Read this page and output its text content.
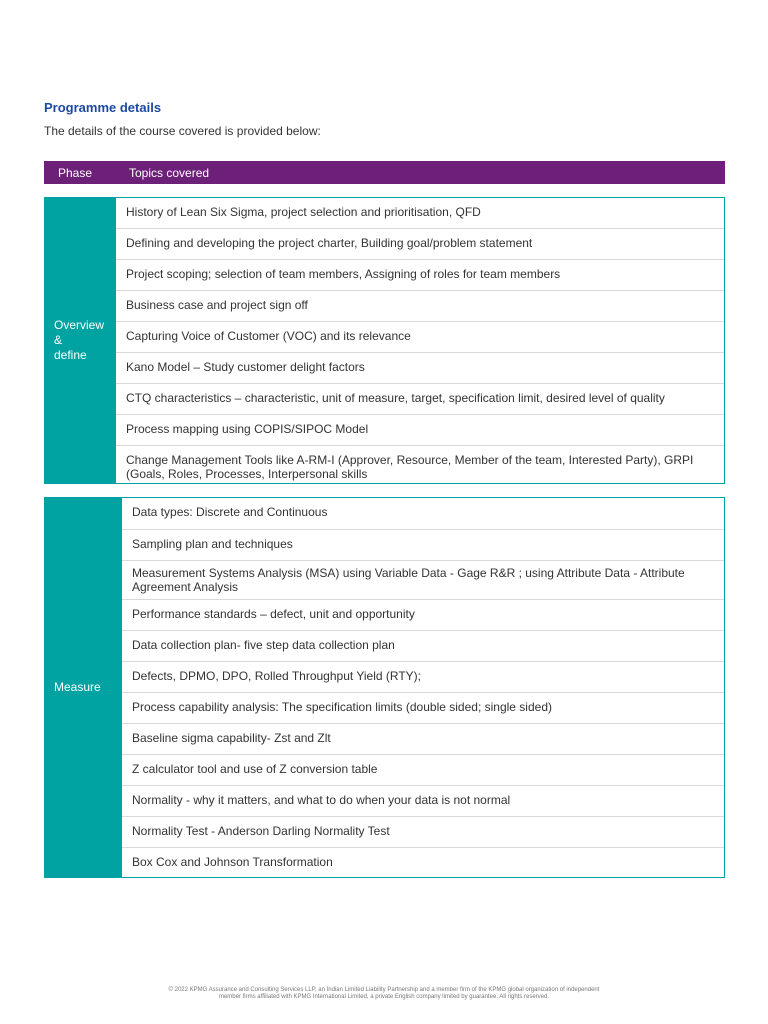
Programme details

The details of the course covered is provided below:

Phase	Topics covered
Overview
&
define
History of Lean Six Sigma, project selection and prioritisation, QFD
Defining and developing the project charter, Building goal/problem statement
Project scoping; selection of team members, Assigning of roles for team members
Business case and project sign off
Capturing Voice of Customer (VOC) and its relevance
Kano Model – Study customer delight factors
CTQ characteristics – characteristic, unit of measure, target, specification limit, desired level of quality
Process mapping using COPIS/SIPOC Model
Change Management Tools like A-RM-I (Approver, Resource, Member of the team, Interested Party), GRPI (Goals, Roles, Processes, Interpersonal skills
Measure
Data types: Discrete and Continuous
Sampling plan and techniques
Measurement Systems Analysis (MSA) using Variable Data - Gage R&R ; using Attribute Data - Attribute Agreement Analysis
Performance standards – defect, unit and opportunity
Data collection plan- five step data collection plan
Defects, DPMO, DPO, Rolled Throughput Yield (RTY);
Process capability analysis: The specification limits (double sided; single sided)
Baseline sigma capability- Zst and Zlt
Z calculator tool and use of Z conversion table
Normality - why it matters, and what to do when your data is not normal
Normality Test - Anderson Darling Normality Test
Box Cox and Johnson Transformation
© 2022 KPMG Assurance and Consulting Services LLP, an Indian Limited Liability Partnership and a member firm of the KPMG global organization of independent
member firms affiliated with KPMG International Limited, a private English company limited by guarantee. All rights reserved.
